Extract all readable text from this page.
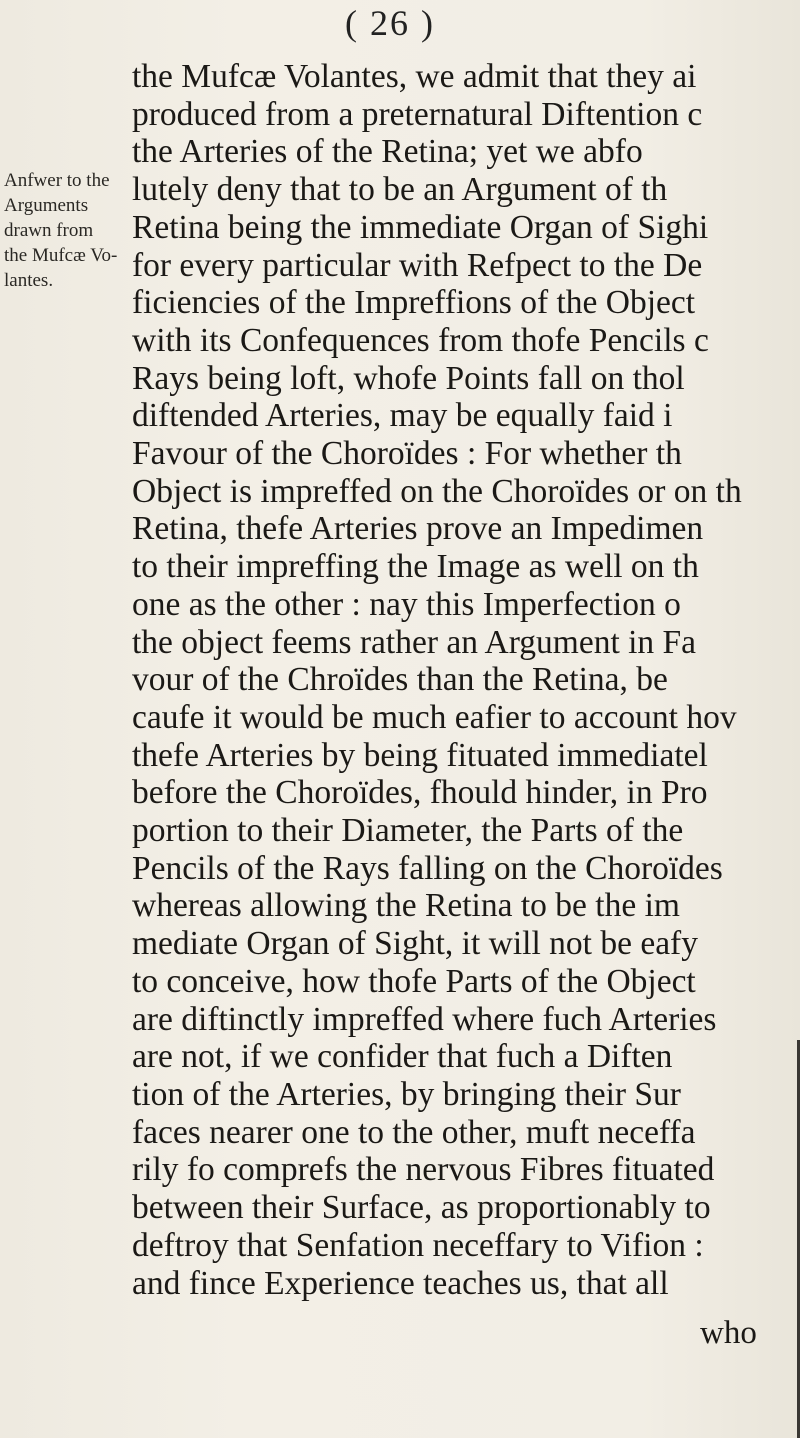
( 26 )
Anfwer to the
Arguments
drawn from
the Mufcæ Vo-
lantes.
the Mufcæ Volantes, we admit that they ai
produced from a preternatural Diftention c
the Arteries of the Retina; yet we abfo
lutely deny that to be an Argument of th
Retina being the immediate Organ of Sighi
for every particular with Refpect to the De
ficiencies of the Impreffions of the Object
with its Confequences from thofe Pencils c
Rays being loft, whofe Points fall on thol
diftended Arteries, may be equally faid i
Favour of the Choroïdes : For whether th
Object is impreffed on the Choroïdes or on th
Retina, thefe Arteries prove an Impedimen
to their impreffing the Image as well on th
one as the other : nay this Imperfection o
the object feems rather an Argument in Fa
vour of the Chroïdes than the Retina, be
caufe it would be much eafier to account hov
thefe Arteries by being fituated immediatel
before the Choroïdes, fhould hinder, in Pro
portion to their Diameter, the Parts of the
Pencils of the Rays falling on the Choroïdes
whereas allowing the Retina to be the im
mediate Organ of Sight, it will not be eafy
to conceive, how thofe Parts of the Object
are diftinctly impreffed where fuch Arteries
are not, if we confider that fuch a Diften
tion of the Arteries, by bringing their Sur
faces nearer one to the other, muft neceffa
rily fo comprefs the nervous Fibres fituated
between their Surface, as proportionably to
deftroy that Senfation neceffary to Vifion :
and fince Experience teaches us, that all
who
